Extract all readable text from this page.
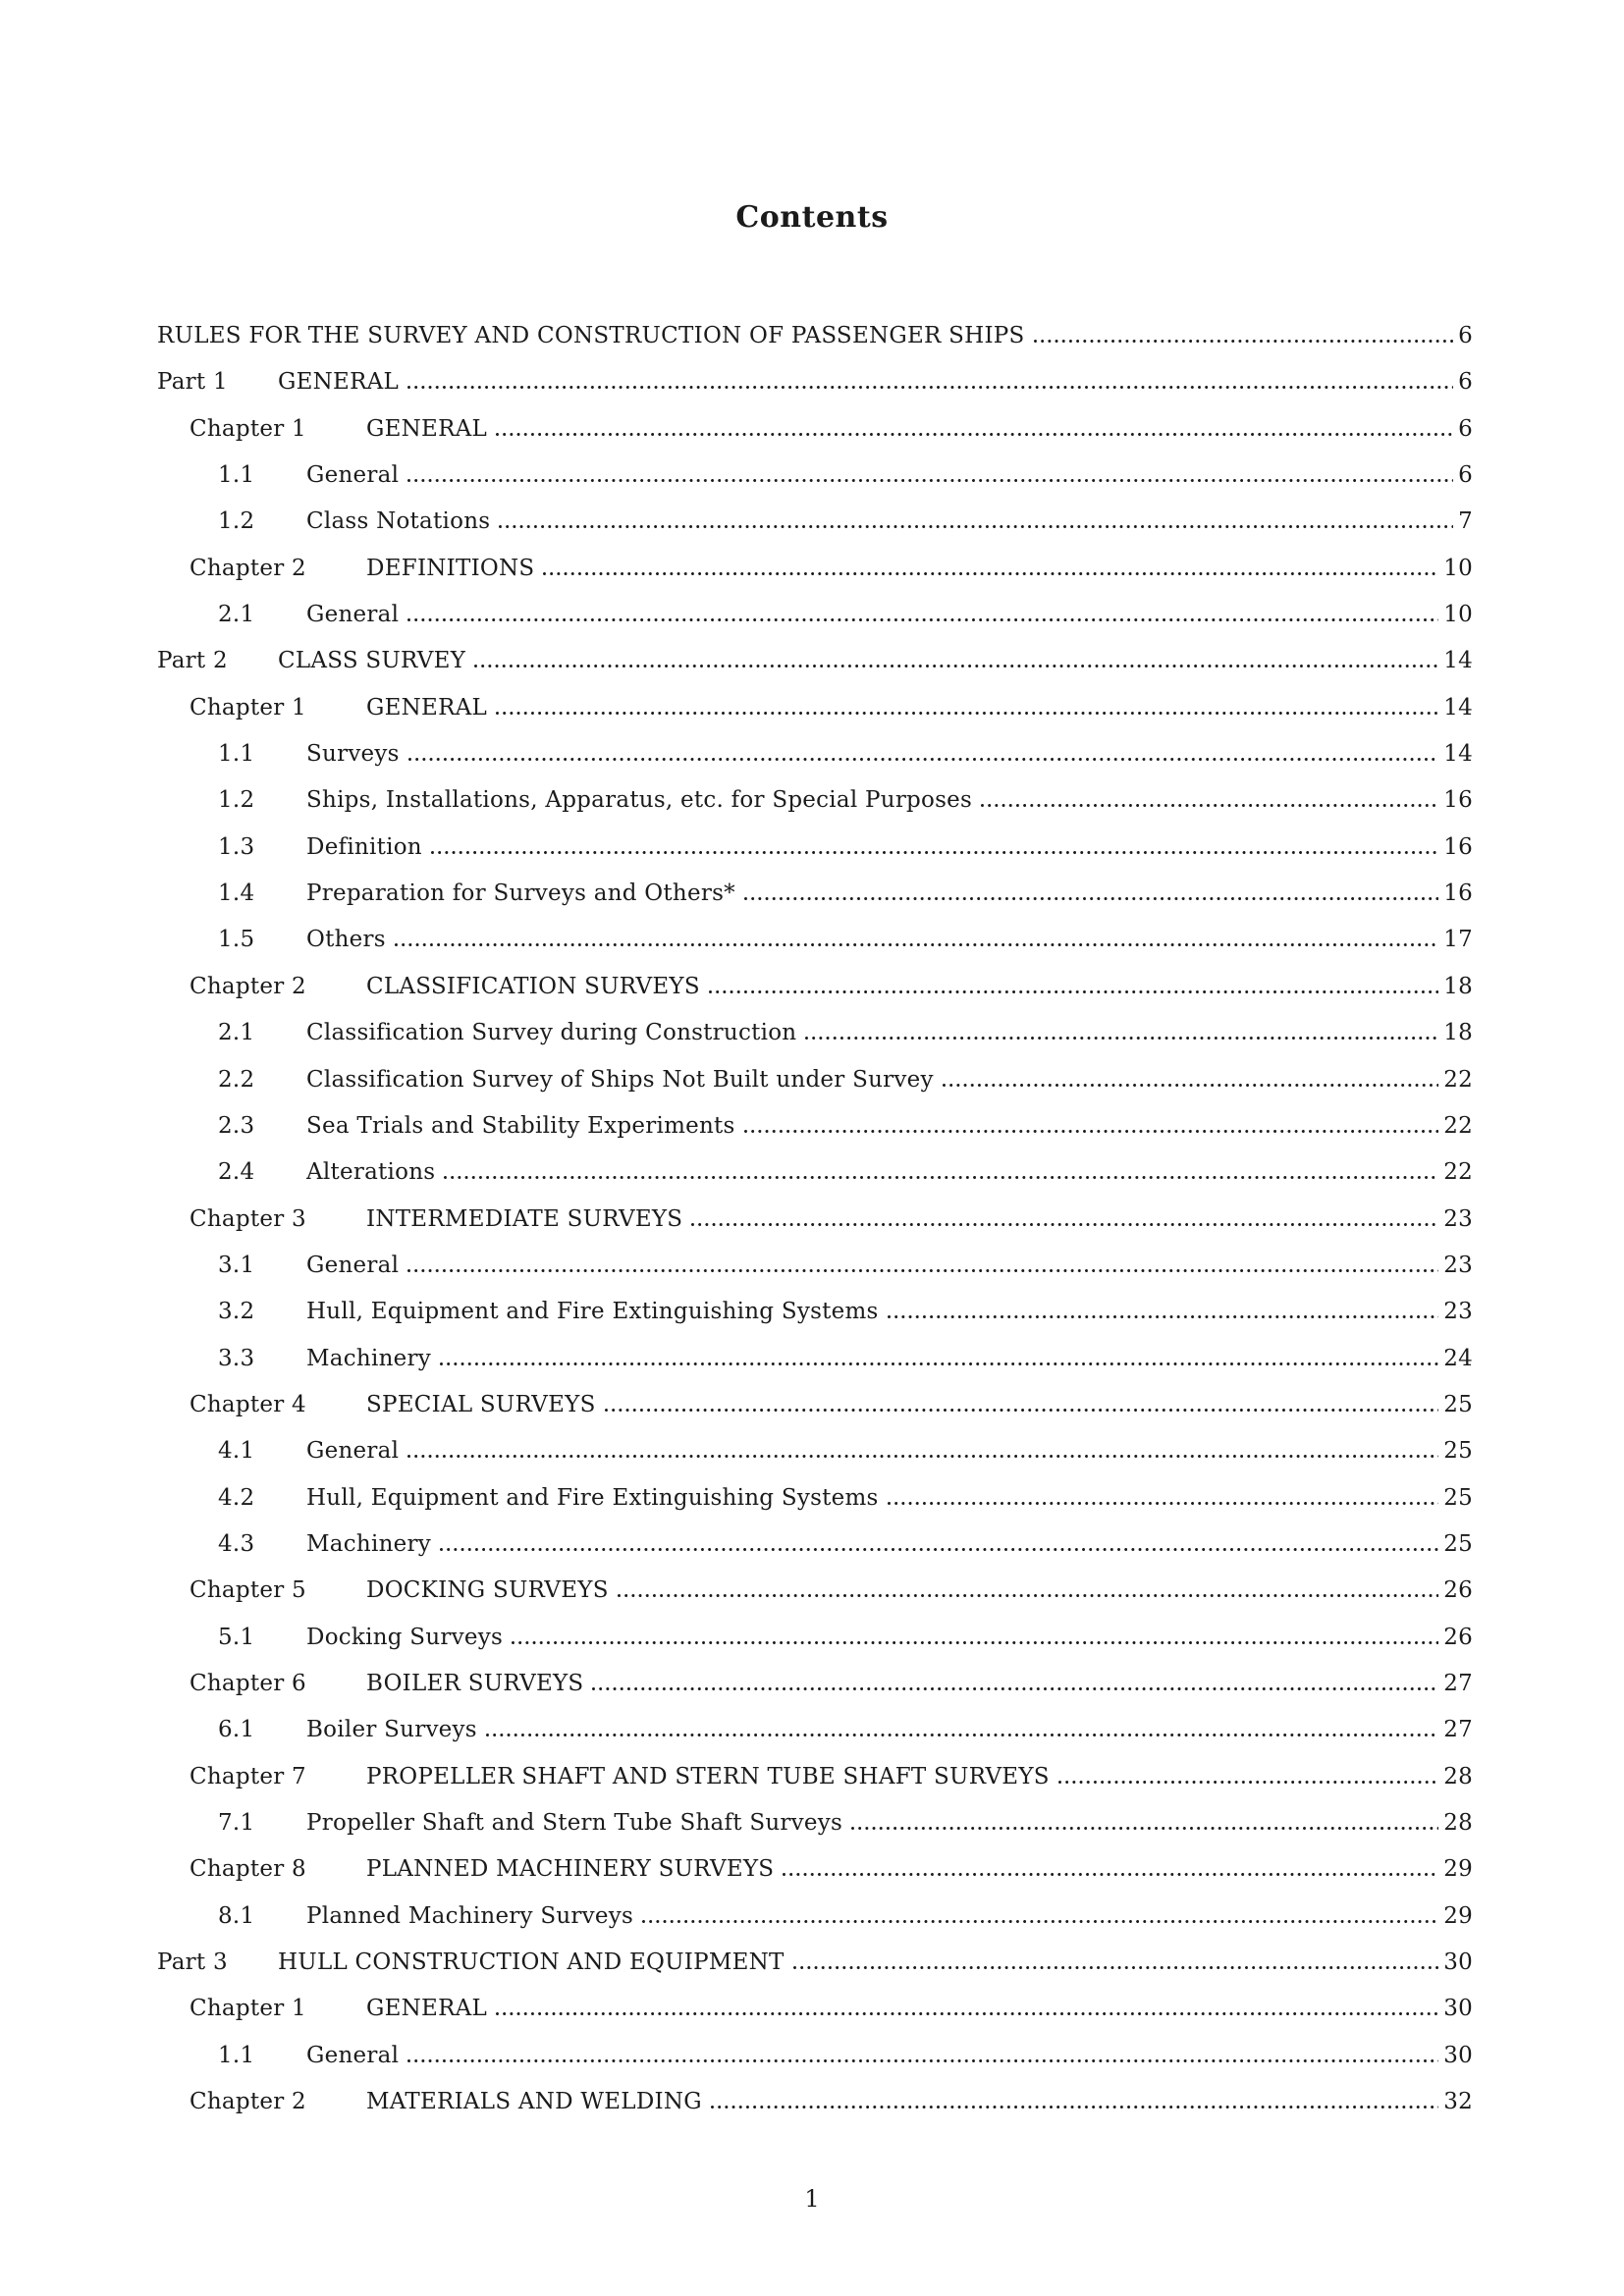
Contents
RULES FOR THE SURVEY AND CONSTRUCTION OF PASSENGER SHIPS	6
Part 1	GENERAL	6
Chapter 1	GENERAL	6
1.1	General	6
1.2	Class Notations	7
Chapter 2	DEFINITIONS	10
2.1	General	10
Part 2	CLASS SURVEY	14
Chapter 1	GENERAL	14
1.1	Surveys	14
1.2	Ships, Installations, Apparatus, etc. for Special Purposes	16
1.3	Definition	16
1.4	Preparation for Surveys and Others*	16
1.5	Others	17
Chapter 2	CLASSIFICATION SURVEYS	18
2.1	Classification Survey during Construction	18
2.2	Classification Survey of Ships Not Built under Survey	22
2.3	Sea Trials and Stability Experiments	22
2.4	Alterations	22
Chapter 3	INTERMEDIATE SURVEYS	23
3.1	General	23
3.2	Hull, Equipment and Fire Extinguishing Systems	23
3.3	Machinery	24
Chapter 4	SPECIAL SURVEYS	25
4.1	General	25
4.2	Hull, Equipment and Fire Extinguishing Systems	25
4.3	Machinery	25
Chapter 5	DOCKING SURVEYS	26
5.1	Docking Surveys	26
Chapter 6	BOILER SURVEYS	27
6.1	Boiler Surveys	27
Chapter 7	PROPELLER SHAFT AND STERN TUBE SHAFT SURVEYS	28
7.1	Propeller Shaft and Stern Tube Shaft Surveys	28
Chapter 8	PLANNED MACHINERY SURVEYS	29
8.1	Planned Machinery Surveys	29
Part 3	HULL CONSTRUCTION AND EQUIPMENT	30
Chapter 1	GENERAL	30
1.1	General	30
Chapter 2	MATERIALS AND WELDING	32
1
